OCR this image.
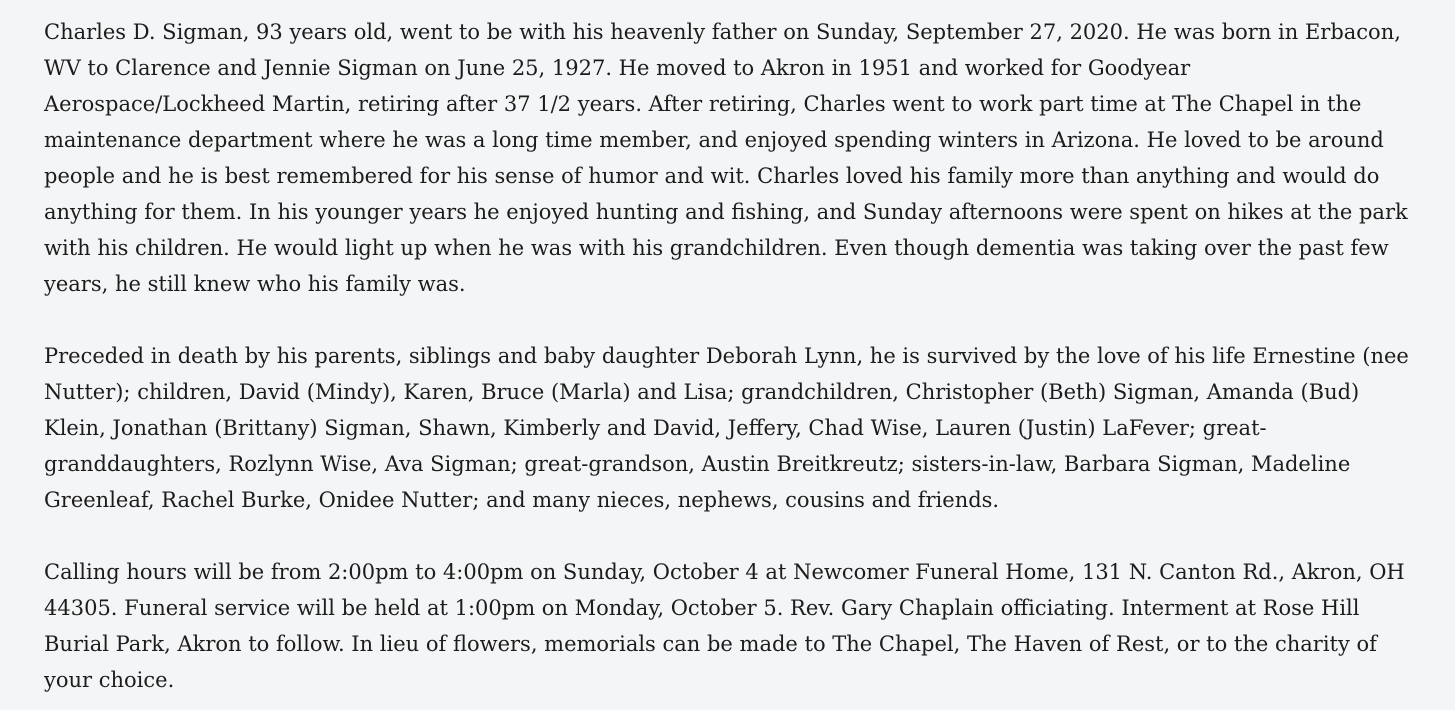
Charles D. Sigman, 93 years old, went to be with his heavenly father on Sunday, September 27, 2020. He was born in Erbacon, WV to Clarence and Jennie Sigman on June 25, 1927. He moved to Akron in 1951 and worked for Goodyear Aerospace/Lockheed Martin, retiring after 37 1/2 years. After retiring, Charles went to work part time at The Chapel in the maintenance department where he was a long time member, and enjoyed spending winters in Arizona. He loved to be around people and he is best remembered for his sense of humor and wit. Charles loved his family more than anything and would do anything for them. In his younger years he enjoyed hunting and fishing, and Sunday afternoons were spent on hikes at the park with his children. He would light up when he was with his grandchildren. Even though dementia was taking over the past few years, he still knew who his family was.

Preceded in death by his parents, siblings and baby daughter Deborah Lynn, he is survived by the love of his life Ernestine (nee Nutter); children, David (Mindy), Karen, Bruce (Marla) and Lisa; grandchildren, Christopher (Beth) Sigman, Amanda (Bud) Klein, Jonathan (Brittany) Sigman, Shawn, Kimberly and David, Jeffery, Chad Wise, Lauren (Justin) LaFever; great-granddaughters, Rozlynn Wise, Ava Sigman; great-grandson, Austin Breitkreutz; sisters-in-law, Barbara Sigman, Madeline Greenleaf, Rachel Burke, Onidee Nutter; and many nieces, nephews, cousins and friends.

Calling hours will be from 2:00pm to 4:00pm on Sunday, October 4 at Newcomer Funeral Home, 131 N. Canton Rd., Akron, OH 44305. Funeral service will be held at 1:00pm on Monday, October 5. Rev. Gary Chaplain officiating. Interment at Rose Hill Burial Park, Akron to follow. In lieu of flowers, memorials can be made to The Chapel, The Haven of Rest, or to the charity of your choice.
